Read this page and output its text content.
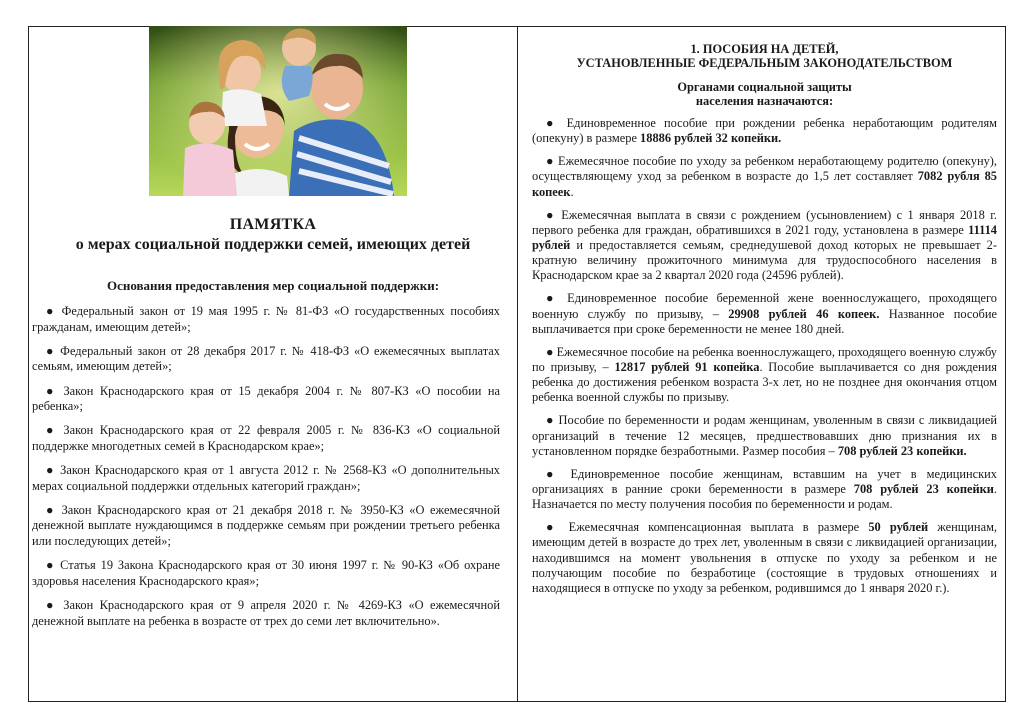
ПАМЯТКА
о мерах социальной поддержки семей, имеющих детей
Основания предоставления мер социальной поддержки:

● Федеральный закон от 19 мая 1995 г. № 81-ФЗ «О государственных пособиях гражданам, имеющим детей»;

● Федеральный закон от 28 декабря 2017 г. № 418-ФЗ «О ежемесячных выплатах семьям, имеющим детей»;

● Закон Краснодарского края от 15 декабря 2004 г. № 807-КЗ «О пособии на ребенка»;

● Закон Краснодарского края от 22 февраля 2005 г. № 836-КЗ «О социальной поддержке многодетных семей в Краснодарском крае»;

● Закон Краснодарского края от 1 августа 2012 г. № 2568-КЗ «О дополнительных мерах социальной поддержки отдельных категорий граждан»;

● Закон Краснодарского края от 21 декабря 2018 г. № 3950-КЗ «О ежемесячной денежной выплате нуждающимся в поддержке семьям при рождении третьего ребенка или последующих детей»;

● Статья 19 Закона Краснодарского края от 30 июня 1997 г. № 90-КЗ «Об охране здоровья населения Краснодарского края»;

● Закон Краснодарского края от 9 апреля 2020 г. № 4269-КЗ «О ежемесячной денежной выплате на ребенка в возрасте от трех до семи лет включительно».

1. ПОСОБИЯ НА ДЕТЕЙ,
УСТАНОВЛЕННЫЕ ФЕДЕРАЛЬНЫМ ЗАКОНОДАТЕЛЬСТВОМ
Органами социальной защиты
населения назначаются:

● Единовременное пособие при рождении ребенка неработающим родителям (опекуну) в размере 18886 рублей 32 копейки.

● Ежемесячное пособие по уходу за ребенком неработающему родителю (опекуну), осуществляющему уход за ребенком в возрасте до 1,5 лет составляет 7082 рубля 85 копеек.

● Ежемесячная выплата в связи с рождением (усыновлением) с 1 января 2018 г. первого ребенка для граждан, обратившихся в 2021 году, установлена в размере 11114 рублей и предоставляется семьям, среднедушевой доход которых не превышает 2-кратную величину прожиточного минимума для трудоспособного населения в Краснодарском крае за 2 квартал 2020 года (24596 рублей).

● Единовременное пособие беременной жене военнослужащего, проходящего военную службу по призыву, – 29908 рублей 46 копеек. Названное пособие выплачивается при сроке беременности не менее 180 дней.

● Ежемесячное пособие на ребенка военнослужащего, проходящего военную службу по призыву, – 12817 рублей 91 копейка. Пособие выплачивается со дня рождения ребенка до достижения ребенком возраста 3-х лет, но не позднее дня окончания отцом ребенка военной службы по призыву.

● Пособие по беременности и родам женщинам, уволенным в связи с ликвидацией организаций в течение 12 месяцев, предшествовавших дню признания их в установленном порядке безработными. Размер пособия – 708 рублей 23 копейки.

● Единовременное пособие женщинам, вставшим на учет в медицинских организациях в ранние сроки беременности в размере 708 рублей 23 копейки. Назначается по месту получения пособия по беременности и родам.

● Ежемесячная компенсационная выплата в размере 50 рублей женщинам, имеющим детей в возрасте до трех лет, уволенным в связи с ликвидацией организации, находившимся на момент увольнения в отпуске по уходу за ребенком и не получающим пособие по безработице (состоящие в трудовых отношениях и находящиеся в отпуске по уходу за ребенком, родившимся до 1 января 2020 г.).
